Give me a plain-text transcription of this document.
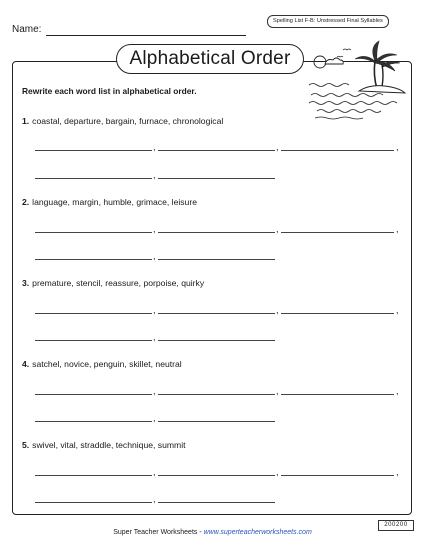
Name:
Spelling List F-B: Unstressed Final Syllables
Alphabetical Order
Rewrite each word list in alphabetical order.
1. coastal, departure, bargain, furnace, chronological
,	,	,
,
2. language, margin, humble, grimace, leisure
,	,	,
,
3. premature, stencil, reassure, porpoise, quirky
,	,	,
,
4. satchel, novice, penguin, skillet, neutral
,	,	,
,
5. swivel, vital, straddle, technique, summit
,	,	,
,
200200
Super Teacher Worksheets - www.superteacherworksheets.com
